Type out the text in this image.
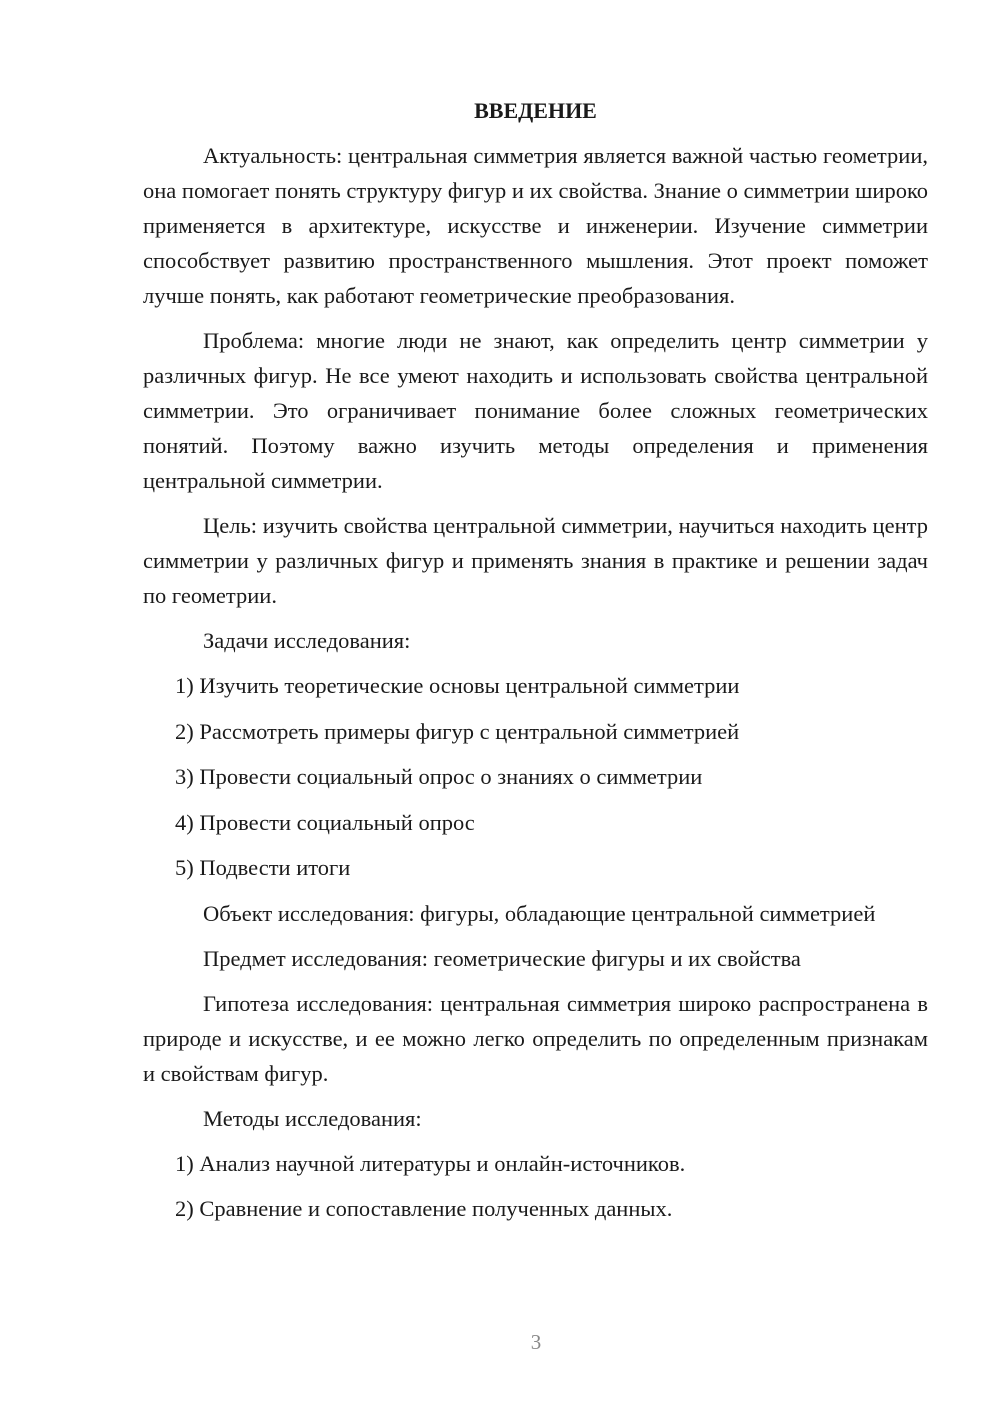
ВВЕДЕНИЕ

Актуальность: центральная симметрия является важной частью геометрии, она помогает понять структуру фигур и их свойства. Знание о симметрии широко применяется в архитектуре, искусстве и инженерии. Изучение симметрии способствует развитию пространственного мышления. Этот проект поможет лучше понять, как работают геометрические преобразования.

Проблема: многие люди не знают, как определить центр симметрии у различных фигур. Не все умеют находить и использовать свойства центральной симметрии. Это ограничивает понимание более сложных геометрических понятий. Поэтому важно изучить методы определения и применения центральной симметрии.

Цель: изучить свойства центральной симметрии, научиться находить центр симметрии у различных фигур и применять знания в практике и решении задач по геометрии.

Задачи исследования:

1) Изучить теоретические основы центральной симметрии
2) Рассмотреть примеры фигур с центральной симметрией
3) Провести социальный опрос о знаниях о симметрии
4) Провести социальный опрос
5) Подвести итоги

Объект исследования: фигуры, обладающие центральной симметрией

Предмет исследования: геометрические фигуры и их свойства

Гипотеза исследования: центральная симметрия широко распространена в природе и искусстве, и ее можно легко определить по определенным признакам и свойствам фигур.

Методы исследования:

1) Анализ научной литературы и онлайн-источников.
2) Сравнение и сопоставление полученных данных.
3
